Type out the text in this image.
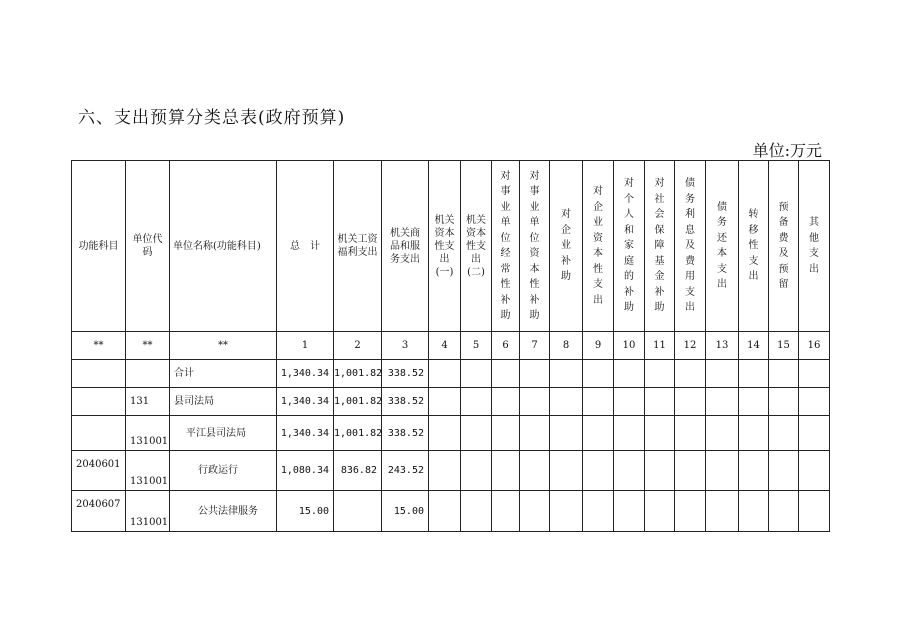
六、支出预算分类总表(政府预算)
单位:万元
功能科目	单位代码	单位名称(功能科目)	总　计	机关工资福利支出	机关商品和服务支出	机关资本性支出(一)	机关资本性支出(二)	对事业单位经常性补助	对事业单位资本性补助	对企业补助	对企业资本性支出	对个人和家庭的补助	对社会保障基金补助	债务利息及费用支出	债务还本支出	转移性支出	预备费及预留	其他支出
**	**	**	1	2	3	4	5	6	7	8	9	10	11	12	13	14	15	16
		合计	1,340.34	1,001.82	338.52													
	131	县司法局	1,340.34	1,001.82	338.52													
	131001	平江县司法局	1,340.34	1,001.82	338.52													
2040601	131001	行政运行	1,080.34	836.82	243.52													
2040607	131001	公共法律服务	15.00		15.00													
